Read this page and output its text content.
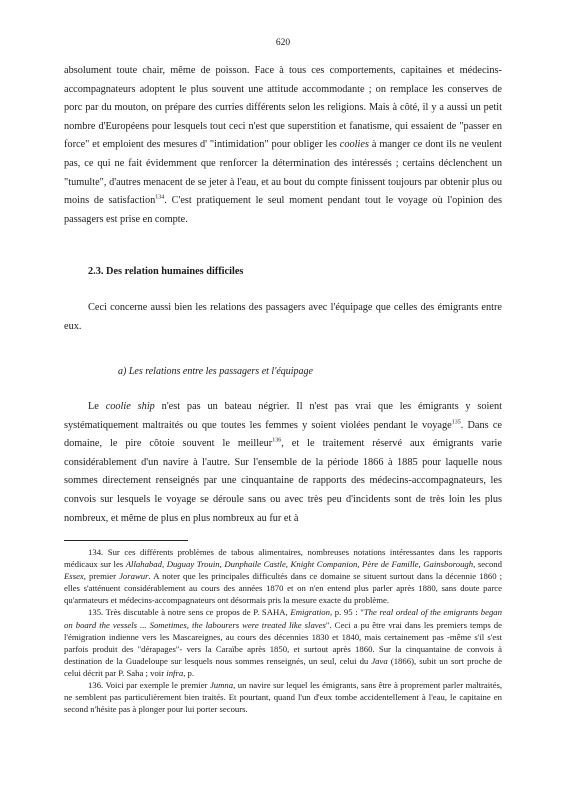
620

absolument toute chair, même de poisson. Face à tous ces comportements, capitaines et médecins-accompagnateurs adoptent le plus souvent une attitude accommodante ; on remplace les conserves de porc par du mouton, on prépare des curries différents selon les religions. Mais à côté, il y a aussi un petit nombre d'Européens pour lesquels tout ceci n'est que superstition et fanatisme, qui essaient de "passer en force" et emploient des mesures d' "intimidation" pour obliger les coolies à manger ce dont ils ne veulent pas, ce qui ne fait évidemment que renforcer la détermination des intéressés ; certains déclenchent un "tumulte", d'autres menacent de se jeter à l'eau, et au bout du compte finissent toujours par obtenir plus ou moins de satisfaction$^{134}$. C'est pratiquement le seul moment pendant tout le voyage où l'opinion des passagers est prise en compte.

2.3. Des relation humaines difficiles

Ceci concerne aussi bien les relations des passagers avec l'équipage que celles des émigrants entre eux.

a) Les relations entre les passagers et l'équipage

Le coolie ship n'est pas un bateau négrier. Il n'est pas vrai que les émigrants y soient systématiquement maltraités ou que toutes les femmes y soient violées pendant le voyage$^{135}$. Dans ce domaine, le pire côtoie souvent le meilleur$^{136}$, et le traitement réservé aux émigrants varie considérablement d'un navire à l'autre. Sur l'ensemble de la période 1866 à 1885 pour laquelle nous sommes directement renseignés par une cinquantaine de rapports des médecins-accompagnateurs, les convois sur lesquels le voyage se déroule sans ou avec très peu d'incidents sont de très loin les plus nombreux, et même de plus en plus nombreux au fur et à

134. Sur ces différents problèmes de tabous alimentaires, nombreuses notations intéressantes dans les rapports médicaux sur les Allahabad, Duguay Trouin, Dunphaile Castle, Knight Companion, Père de Famille, Gainsborough, second Essex, premier Jorawur. A noter que les principales difficultés dans ce domaine se situent surtout dans la décennie 1860 ; elles s'atténuent considérablement au cours des années 1870 et on n'en entend plus parler après 1880, sans doute parce qu'armateurs et médecins-accompagnateurs ont désormais pris la mesure exacte du problème.

135. Très discutable à notre sens ce propos de P. SAHA, Emigration, p. 95 : "The real ordeal of the emigrants began on board the vessels ... Sometimes, the labourers were treated like slaves". Ceci a pu être vrai dans les premiers temps de l'émigration indienne vers les Mascareignes, au cours des décennies 1830 et 1840, mais certainement pas -même s'il s'est parfois produit des "dérapages"- vers la Caraïbe après 1850, et surtout après 1860. Sur la cinquantaine de convois à destination de la Guadeloupe sur lesquels nous sommes renseignés, un seul, celui du Java (1866), subit un sort proche de celui décrit par P. Saha ; voir infra, p.

136. Voici par exemple le premier Jumna, un navire sur lequel les émigrants, sans être à proprement parler maltraités, ne semblent pas particulièrement bien traités. Et pourtant, quand l'un d'eux tombe accidentellement à l'eau, le capitaine en second n'hésite pas à plonger pour lui porter secours.
